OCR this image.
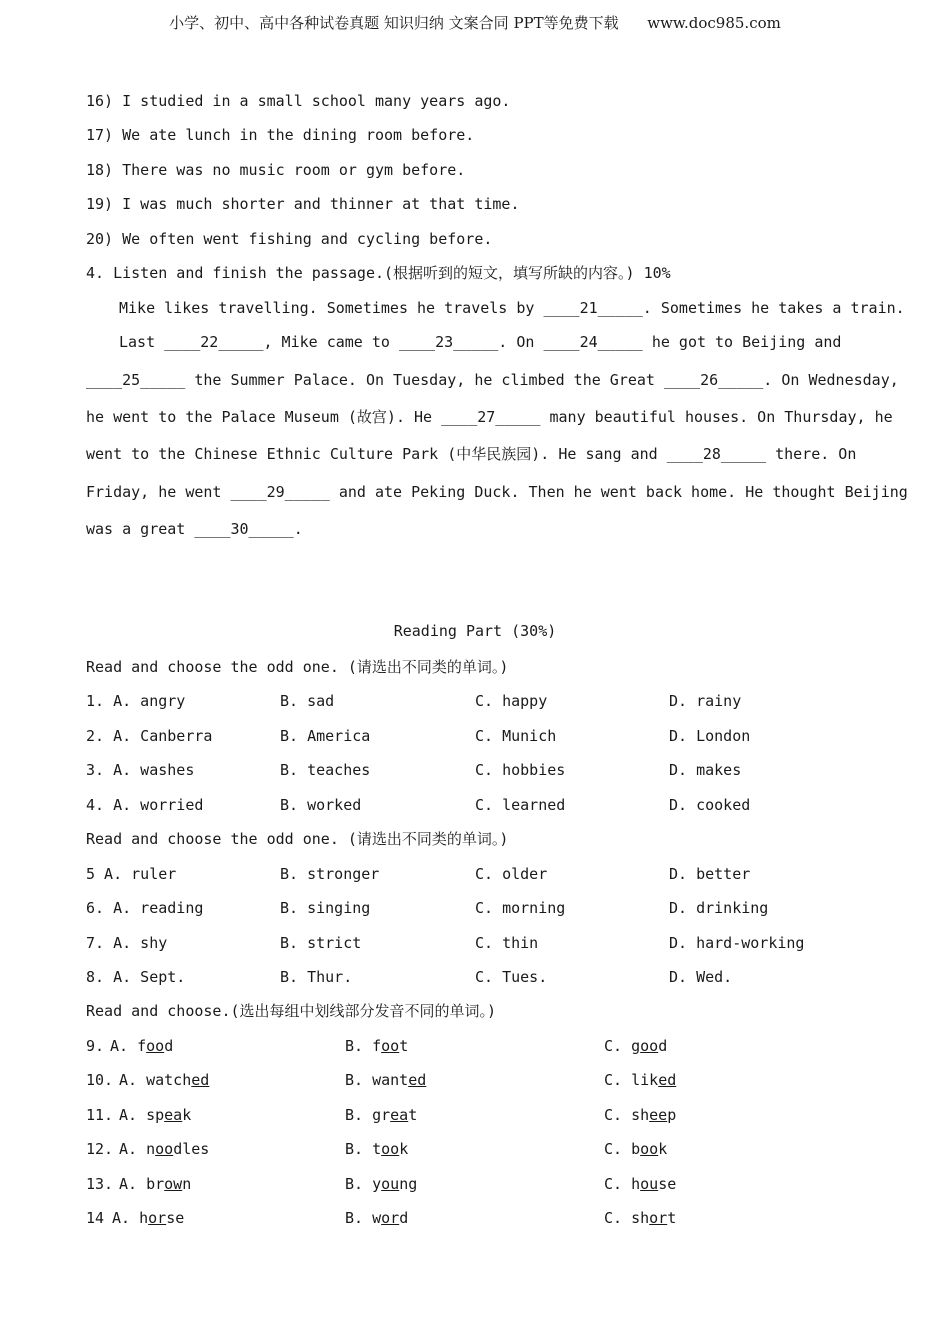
小学、初中、高中各种试卷真题 知识归纳 文案合同 PPT等免费下载 www.doc985.com
16) I studied in a small school many years ago.
17) We ate lunch in the dining room before.
18) There was no music room or gym before.
19) I was much shorter and thinner at that time.
20) We often went fishing and cycling before.
4. Listen and finish the passage.(根据听到的短文，填写所缺的内容。) 10%
Mike likes travelling. Sometimes he travels by ____21_____. Sometimes he takes a train.
Last ____22_____, Mike came to ____23_____. On ____24_____ he got to Beijing and
____25_____ the Summer Palace. On Tuesday, he climbed the Great ____26_____. On Wednesday,
he went to the Palace Museum (故宫). He ____27_____ many beautiful houses. On Thursday, he
went to the Chinese Ethnic Culture Park (中华民族园). He sang and ____28_____ there. On
Friday, he went ____29_____ and ate Peking Duck. Then he went back home. He thought Beijing
was a great ____30_____.
Reading Part (30%)
Read and choose the odd one. (请选出不同类的单词。)
1. A. angry	B. sad	C. happy	D. rainy
2. A. Canberra	B. America	C. Munich	D. London
3. A. washes	B. teaches	C. hobbies	D. makes
4. A. worried	B. worked	C. learned	D. cooked
Read and choose the odd one. (请选出不同类的单词。)
5 A. ruler	B. stronger	C. older	D. better
6. A. reading	B. singing	C. morning	D. drinking
7. A. shy	B. strict	C. thin	D. hard-working
8. A. Sept.	B. Thur.	C. Tues.	D. Wed.
Read and choose.(选出每组中划线部分发音不同的单词。)
9. A. food	B. foot	C. good
10. A. watched	B. wanted	C. liked
11. A. speak	B. great	C. sheep
12. A. noodles	B. took	C. book
13. A. brown	B. young	C. house
14 A. horse	B. word	C. short
